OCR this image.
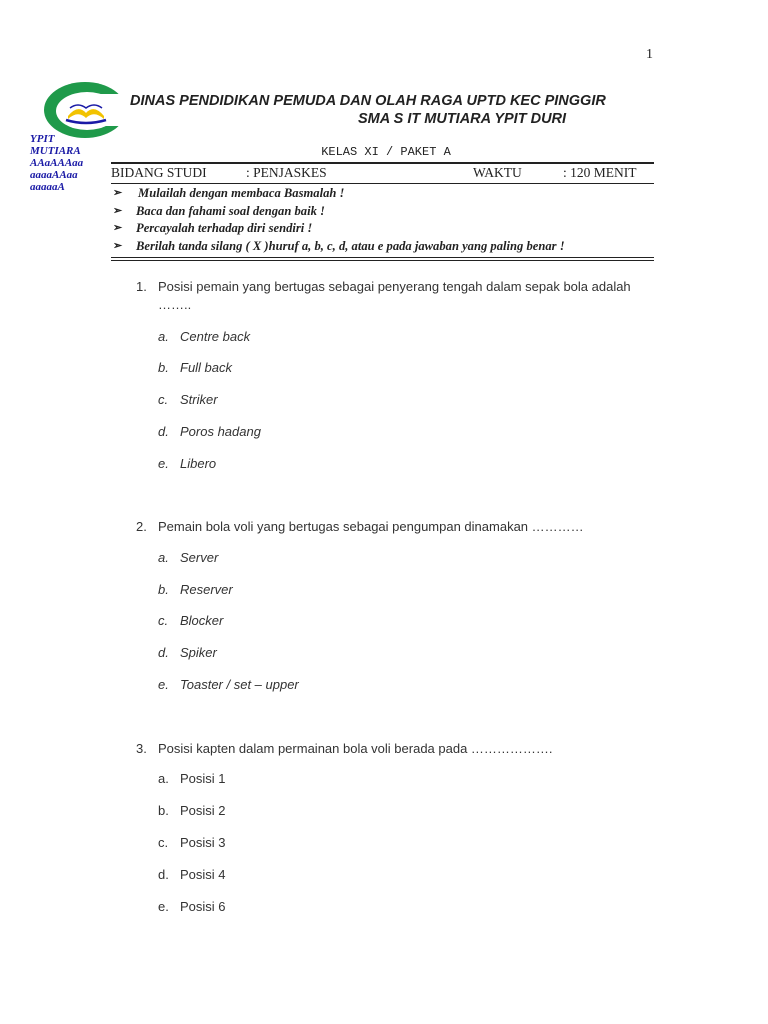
1
YPIT
MUTIARA
AAaAAAaa
aaaaAAaa
aaaaaA
DINAS PENDIDIKAN PEMUDA DAN OLAH RAGA UPTD KEC PINGGIR
SMA S IT MUTIARA YPIT DURI
KELAS XI / PAKET A
BIDANG STUDI	: PENJASKES	WAKTU	: 120 MENIT
➢ Mulailah dengan membaca Basmalah !
➢ Baca dan fahami soal dengan baik !
➢ Percayalah terhadap diri sendiri !
➢ Berilah tanda silang ( X )huruf a, b, c, d, atau e pada jawaban yang paling benar !
1. Posisi pemain yang bertugas sebagai penyerang tengah dalam sepak bola adalah ……..
a. Centre back
b. Full back
c. Striker
d. Poros hadang
e. Libero
2. Pemain bola voli yang bertugas sebagai pengumpan dinamakan …………
a. Server
b. Reserver
c. Blocker
d. Spiker
e. Toaster / set – upper
3. Posisi kapten dalam permainan bola voli berada pada ……………….
a. Posisi 1
b. Posisi 2
c. Posisi 3
d. Posisi 4
e. Posisi 6
